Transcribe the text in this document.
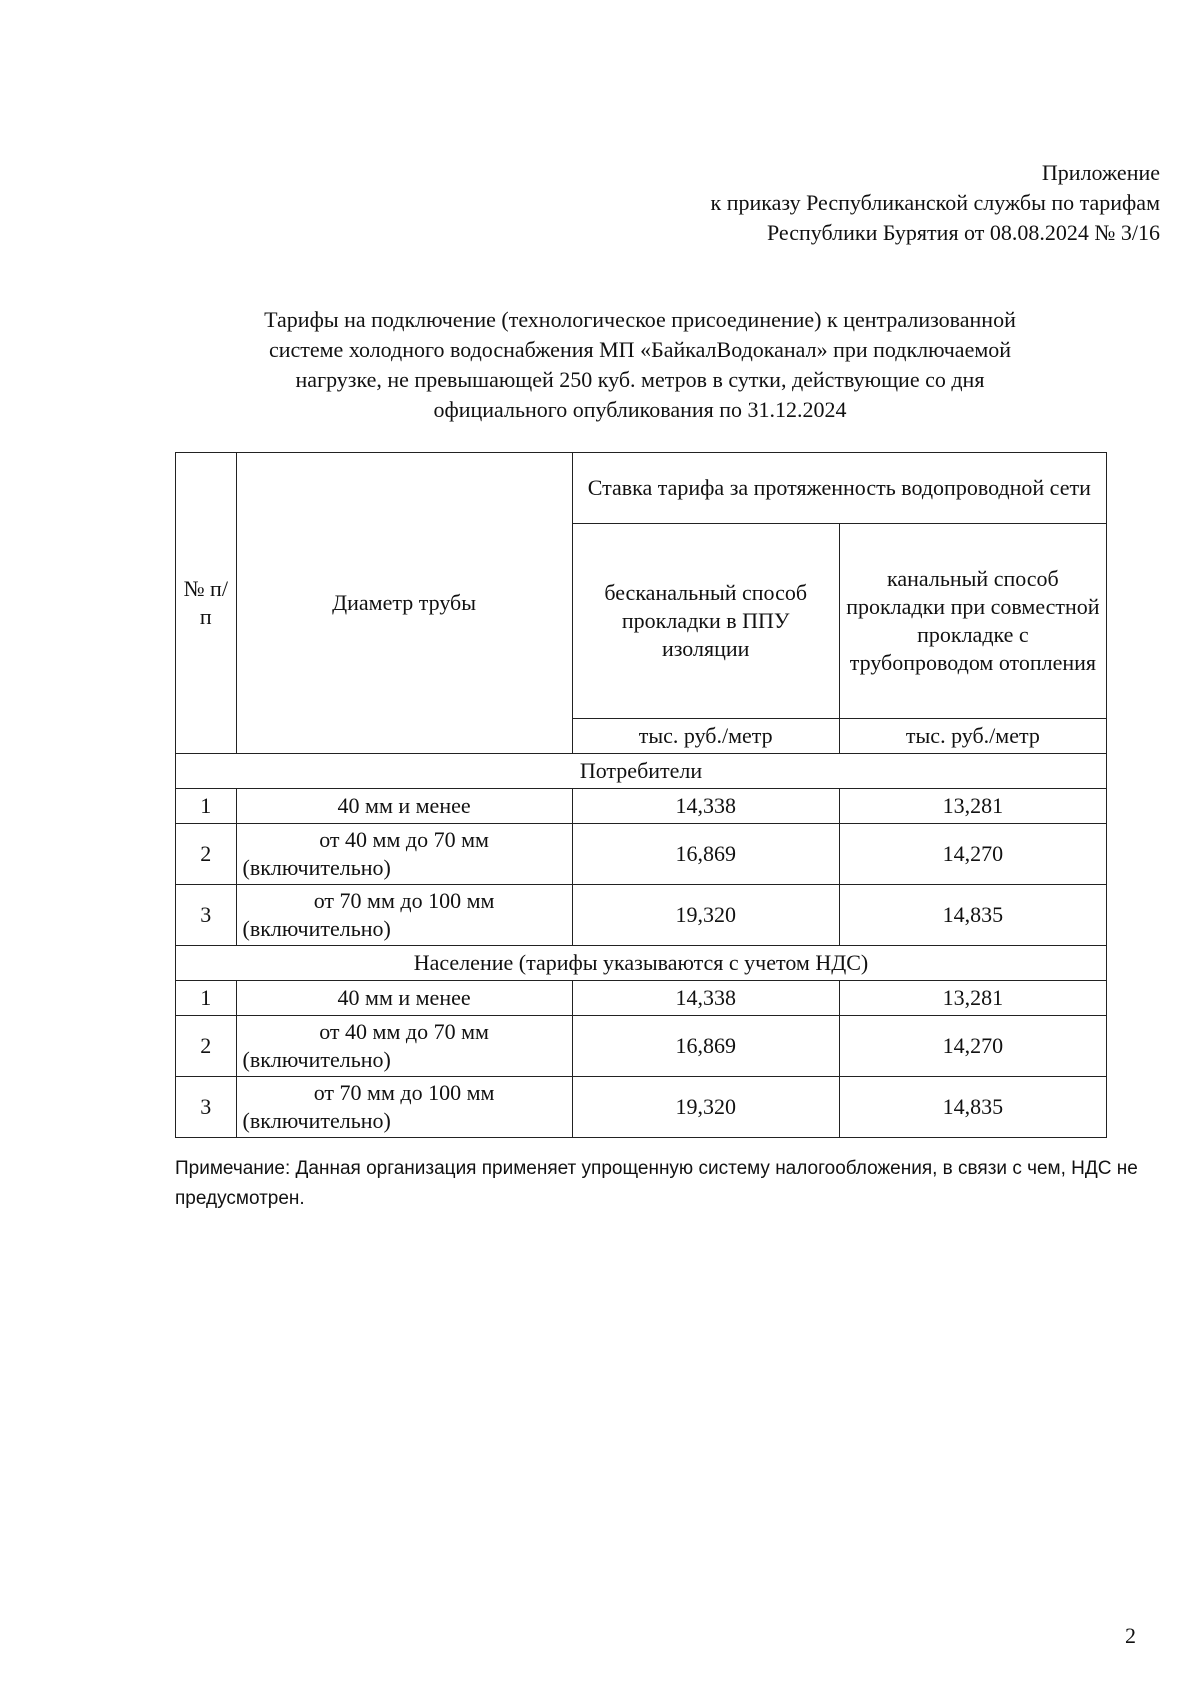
Приложение
к приказу Республиканской службы по тарифам
Республики Бурятия от 08.08.2024 № 3/16
Тарифы на подключение (технологическое присоединение) к централизованной
системе холодного водоснабжения МП «БайкалВодоканал» при подключаемой
нагрузке, не превышающей 250 куб. метров в сутки, действующие со дня
официального опубликования по 31.12.2024
№ п/п	Диаметр трубы	Ставка тарифа за протяженность водопроводной сети	
		бесканальный способ прокладки в ППУ изоляции	канальный способ прокладки при совместной прокладке с трубопроводом отопления
		тыс. руб./метр	тыс. руб./метр
Потребители			
1	40 мм и менее	14,338	13,281
2	от 40 мм до 70 мм (включительно)	16,869	14,270
3	от 70 мм до 100 мм (включительно)	19,320	14,835
Население (тарифы указываются с учетом НДС)			
1	40 мм и менее	14,338	13,281
2	от 40 мм до 70 мм (включительно)	16,869	14,270
3	от 70 мм до 100 мм (включительно)	19,320	14,835
Примечание: Данная организация применяет упрощенную систему налогообложения, в связи с чем, НДС не предусмотрен.
2
